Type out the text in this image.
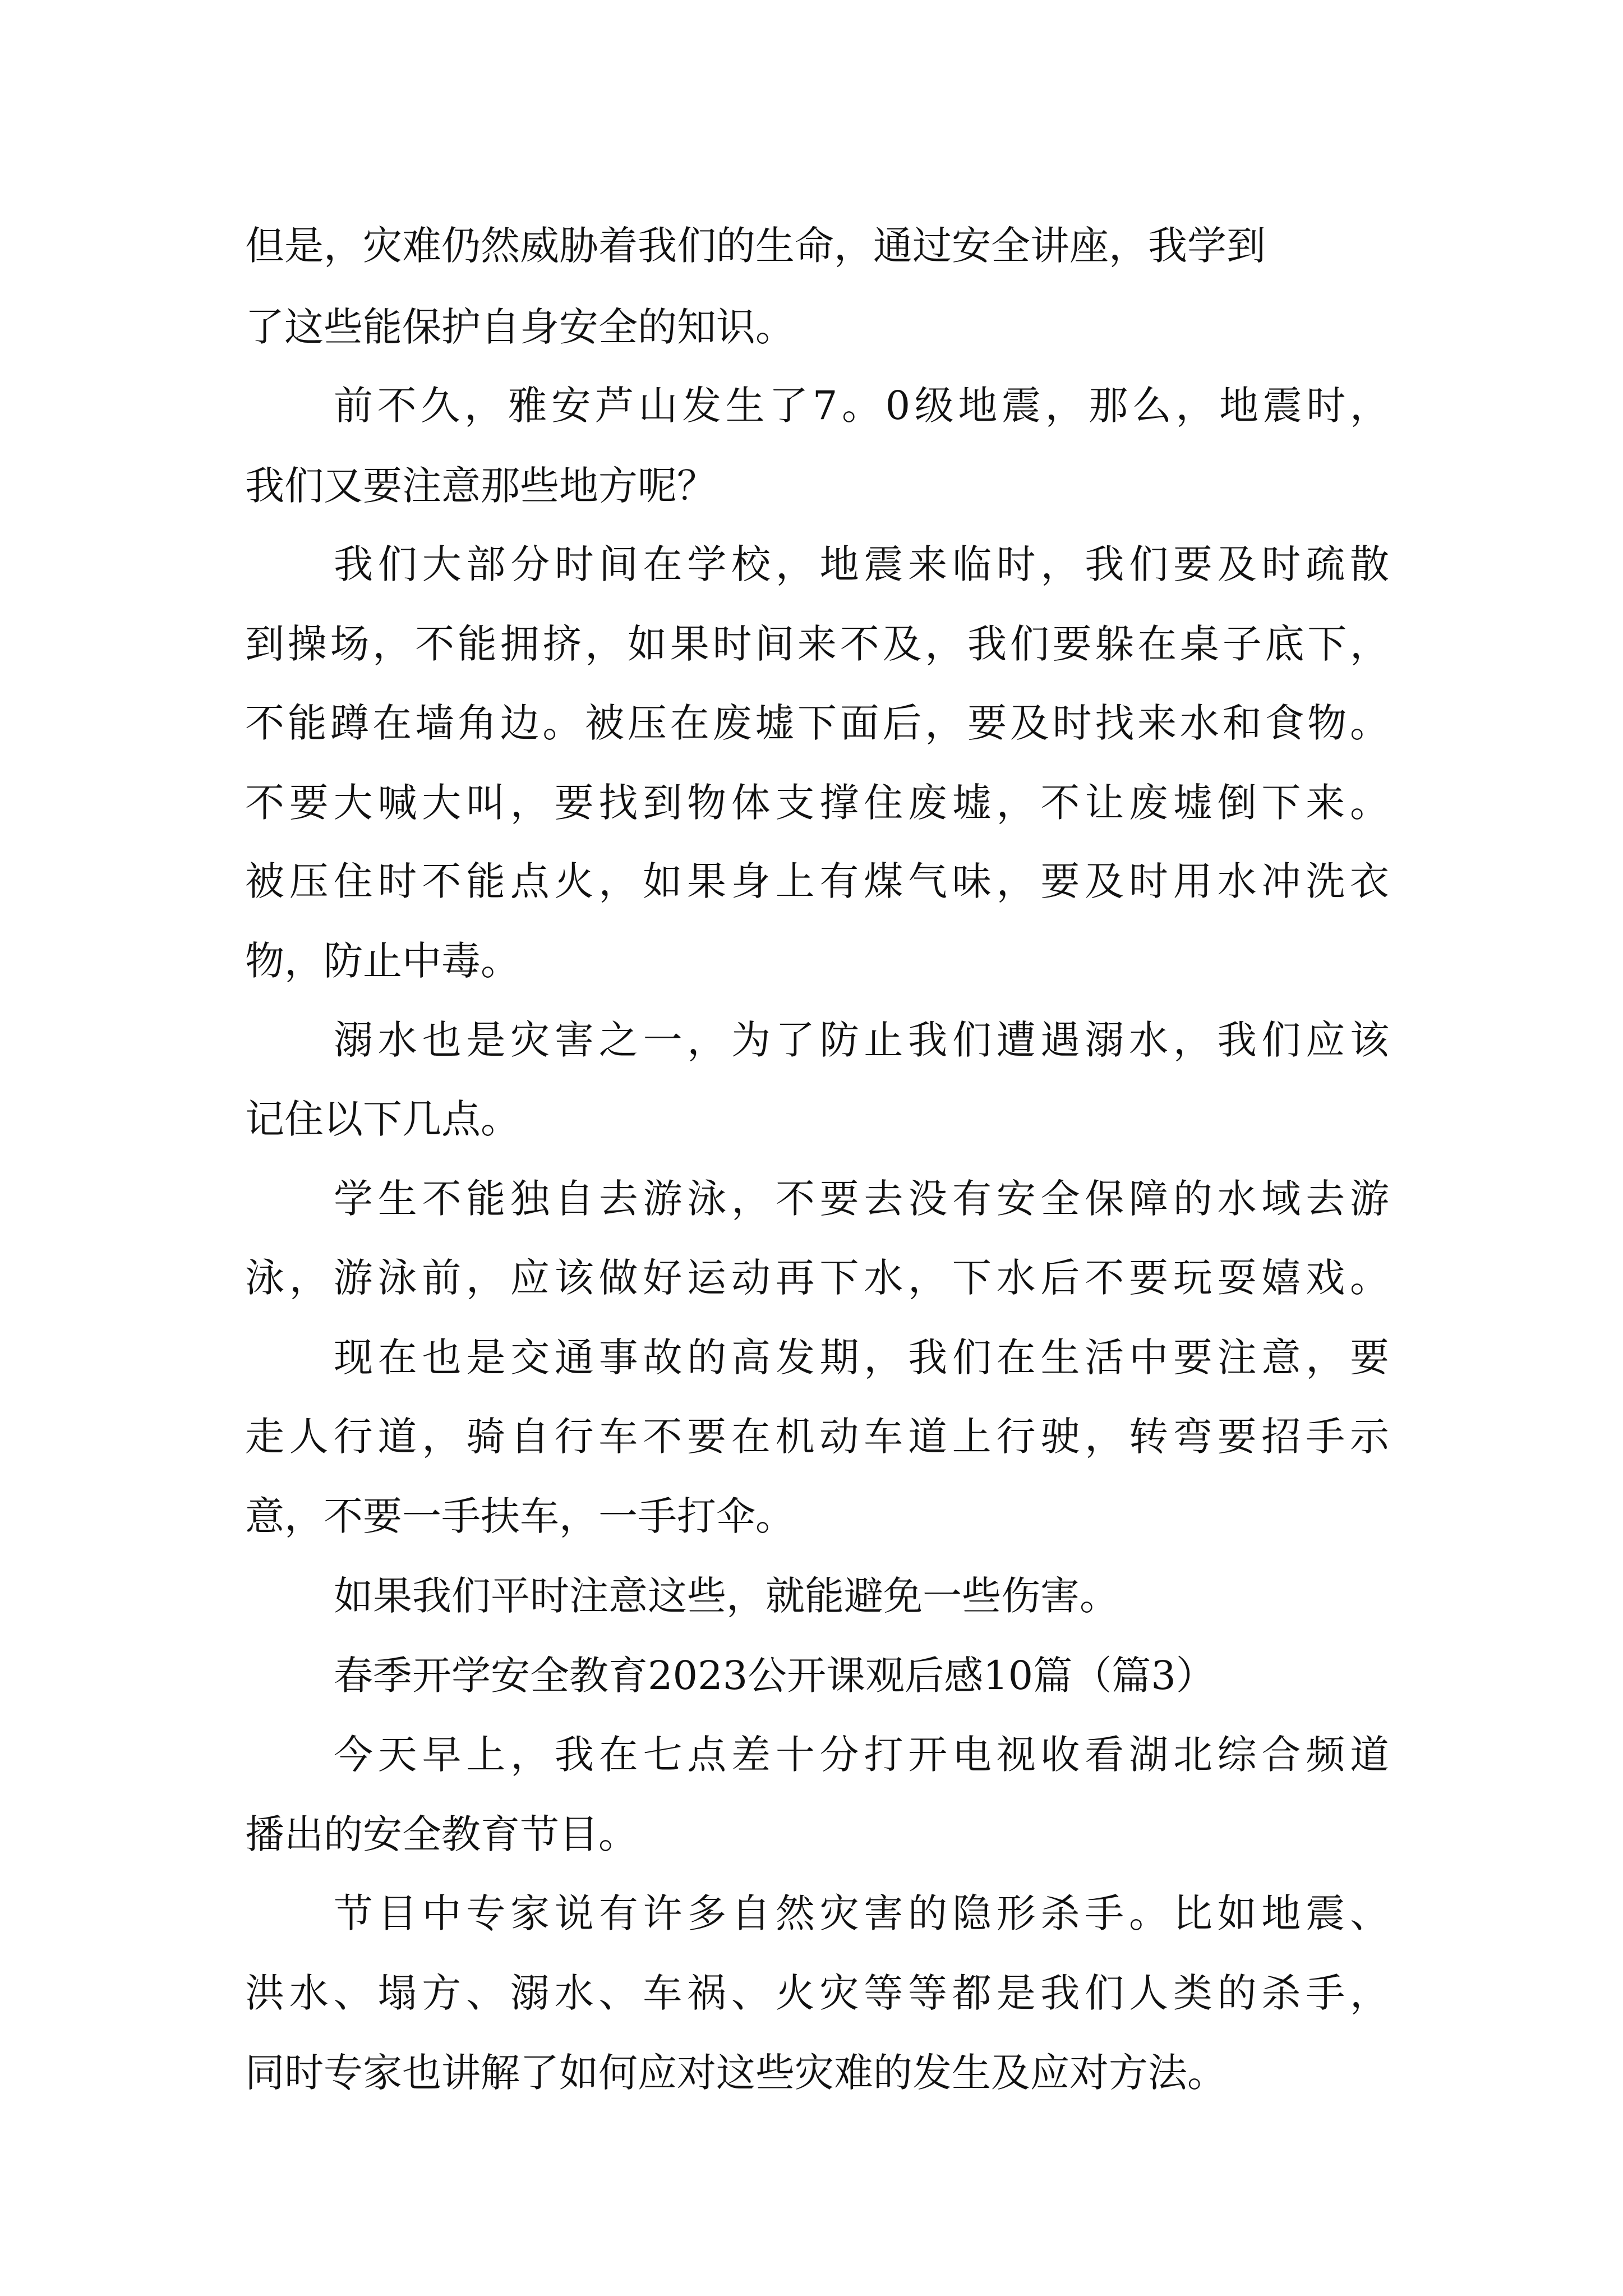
但是，灾难仍然威胁着我们的生命，通过安全讲座，我学到
了这些能保护自身安全的知识。
前不久，雅安芦山发生了7。0级地震，那么，地震时，
我们又要注意那些地方呢？
我们大部分时间在学校，地震来临时，我们要及时疏散
到操场，不能拥挤，如果时间来不及，我们要躲在桌子底下，
不能蹲在墙角边。被压在废墟下面后，要及时找来水和食物。
不要大喊大叫，要找到物体支撑住废墟，不让废墟倒下来。
被压住时不能点火，如果身上有煤气味，要及时用水冲洗衣
物，防止中毒。
溺水也是灾害之一，为了防止我们遭遇溺水，我们应该
记住以下几点。
学生不能独自去游泳，不要去没有安全保障的水域去游
泳，游泳前，应该做好运动再下水，下水后不要玩耍嬉戏。
现在也是交通事故的高发期，我们在生活中要注意，要
走人行道，骑自行车不要在机动车道上行驶，转弯要招手示
意，不要一手扶车，一手打伞。
如果我们平时注意这些，就能避免一些伤害。
春季开学安全教育2023公开课观后感10篇（篇3）
今天早上，我在七点差十分打开电视收看湖北综合频道
播出的安全教育节目。
节目中专家说有许多自然灾害的隐形杀手。比如地震、
洪水、塌方、溺水、车祸、火灾等等都是我们人类的杀手，
同时专家也讲解了如何应对这些灾难的发生及应对方法。
